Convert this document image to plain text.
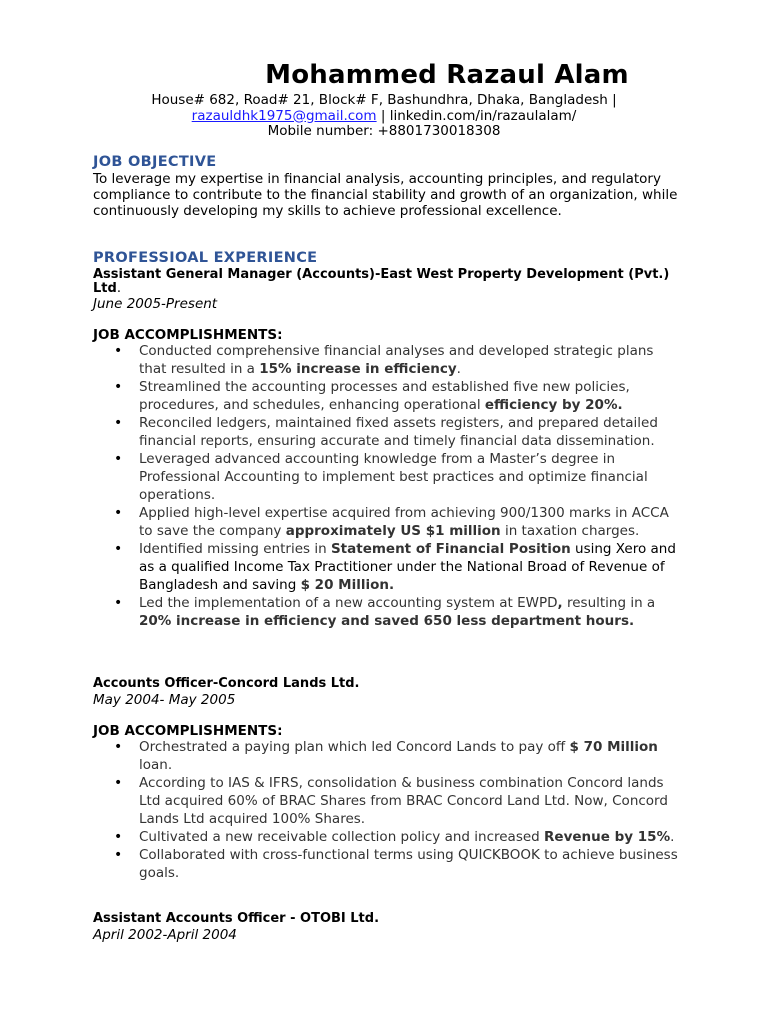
Mohammed Razaul Alam
House# 682, Road# 21, Block# F, Bashundhra, Dhaka, Bangladesh |
razauldhk1975@gmail.com | linkedin.com/in/razaulalam/
Mobile number: +8801730018308
JOB OBJECTIVE
To leverage my expertise in financial analysis, accounting principles, and regulatory compliance to contribute to the financial stability and growth of an organization, while continuously developing my skills to achieve professional excellence.
PROFESSIOAL EXPERIENCE
Assistant General Manager (Accounts)-East West Property Development (Pvt.) Ltd.
June 2005-Present
JOB ACCOMPLISHMENTS:
• Conducted comprehensive financial analyses and developed strategic plans that resulted in a 15% increase in efficiency.
• Streamlined the accounting processes and established five new policies, procedures, and schedules, enhancing operational efficiency by 20%.
• Reconciled ledgers, maintained fixed assets registers, and prepared detailed financial reports, ensuring accurate and timely financial data dissemination.
• Leveraged advanced accounting knowledge from a Master’s degree in Professional Accounting to implement best practices and optimize financial operations.
• Applied high-level expertise acquired from achieving 900/1300 marks in ACCA to save the company approximately US $1 million in taxation charges.
• Identified missing entries in Statement of Financial Position using Xero and as a qualified Income Tax Practitioner under the National Broad of Revenue of Bangladesh and saving $ 20 Million.
• Led the implementation of a new accounting system at EWPD, resulting in a 20% increase in efficiency and saved 650 less department hours.
Accounts Officer-Concord Lands Ltd.
May 2004- May 2005
JOB ACCOMPLISHMENTS:
• Orchestrated a paying plan which led Concord Lands to pay off $ 70 Million loan.
• According to IAS & IFRS, consolidation & business combination Concord lands Ltd acquired 60% of BRAC Shares from BRAC Concord Land Ltd. Now, Concord Lands Ltd acquired 100% Shares.
• Cultivated a new receivable collection policy and increased Revenue by 15%.
• Collaborated with cross-functional terms using QUICKBOOK to achieve business goals.
Assistant Accounts Officer - OTOBI Ltd.
April 2002-April 2004
